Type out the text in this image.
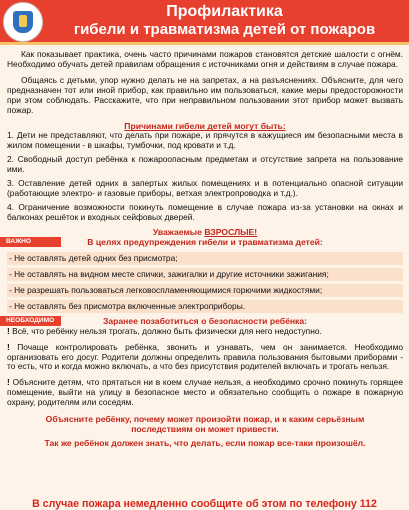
Профилактика
гибели и травматизма детей от пожаров

Как показывает практика, очень часто причинами пожаров становятся детские шалости с огнём. Необходимо обучать детей правилам обращения с источниками огня и действиям в случае пожара.

Общаясь с детьми, упор нужно делать не на запретах, а на разъяснениях. Объясните, для чего предназначен тот или иной прибор, как правильно им пользоваться, какие меры предосторожности при этом соблюдать. Расскажите, что при неправильном пользовании этот прибор может вызвать пожар.

Причинами гибели детей могут быть:

1. Дети не представляют, что делать при пожаре, и прячутся в кажущиеся им безопасными места в жилом помещении - в шкафы, тумбочки, под кровати и т.д.

2. Свободный доступ ребёнка к пожароопасным предметам и отсутствие запрета на пользование ими.

3. Оставление детей одних в запертых жилых помещениях и в потенциально опасной ситуации (работающие электро- и газовые приборы, ветхая электропроводка и т.д.).

4. Ограничение возможности покинуть помещение в случае пожара из-за установки на окнах и балконах решёток и входных сейфовых дверей.

Уважаемые ВЗРОСЛЫЕ!

ВАЖНО	В целях предупреждения гибели и травматизма детей:
- Не оставлять детей одних без присмотра;
- Не оставлять на видном месте спички, зажигалки и другие источники зажигания;
- Не разрешать пользоваться легковоспламеняющимися горючими жидкостями;
- Не оставлять без присмотра включенные электроприборы.
НЕОБХОДИМО	Заранее позаботиться о безопасности ребёнка:

! Всё, что ребёнку нельзя трогать, должно быть физически для него недоступно.

! Почаще контролировать ребёнка, звонить и узнавать, чем он занимается. Необходимо организовать его досуг. Родители должны определить правила пользования бытовыми приборами - то есть, что и когда можно включать, а что без присутствия родителей включать и трогать нельзя.

! Объясните детям, что прятаться ни в коем случае нельзя, а необходимо срочно покинуть горящее помещение, выйти на улицу в безопасное место и обязательно сообщить о пожаре в пожарную охрану, родителям или соседям.

Объясните ребёнку, почему может произойти пожар, и к каким серьёзным

последствиям он может привести.

Так же ребёнок должен знать, что делать, если пожар все-таки произошёл.

В случае пожара немедленно сообщите об этом по телефону 112
